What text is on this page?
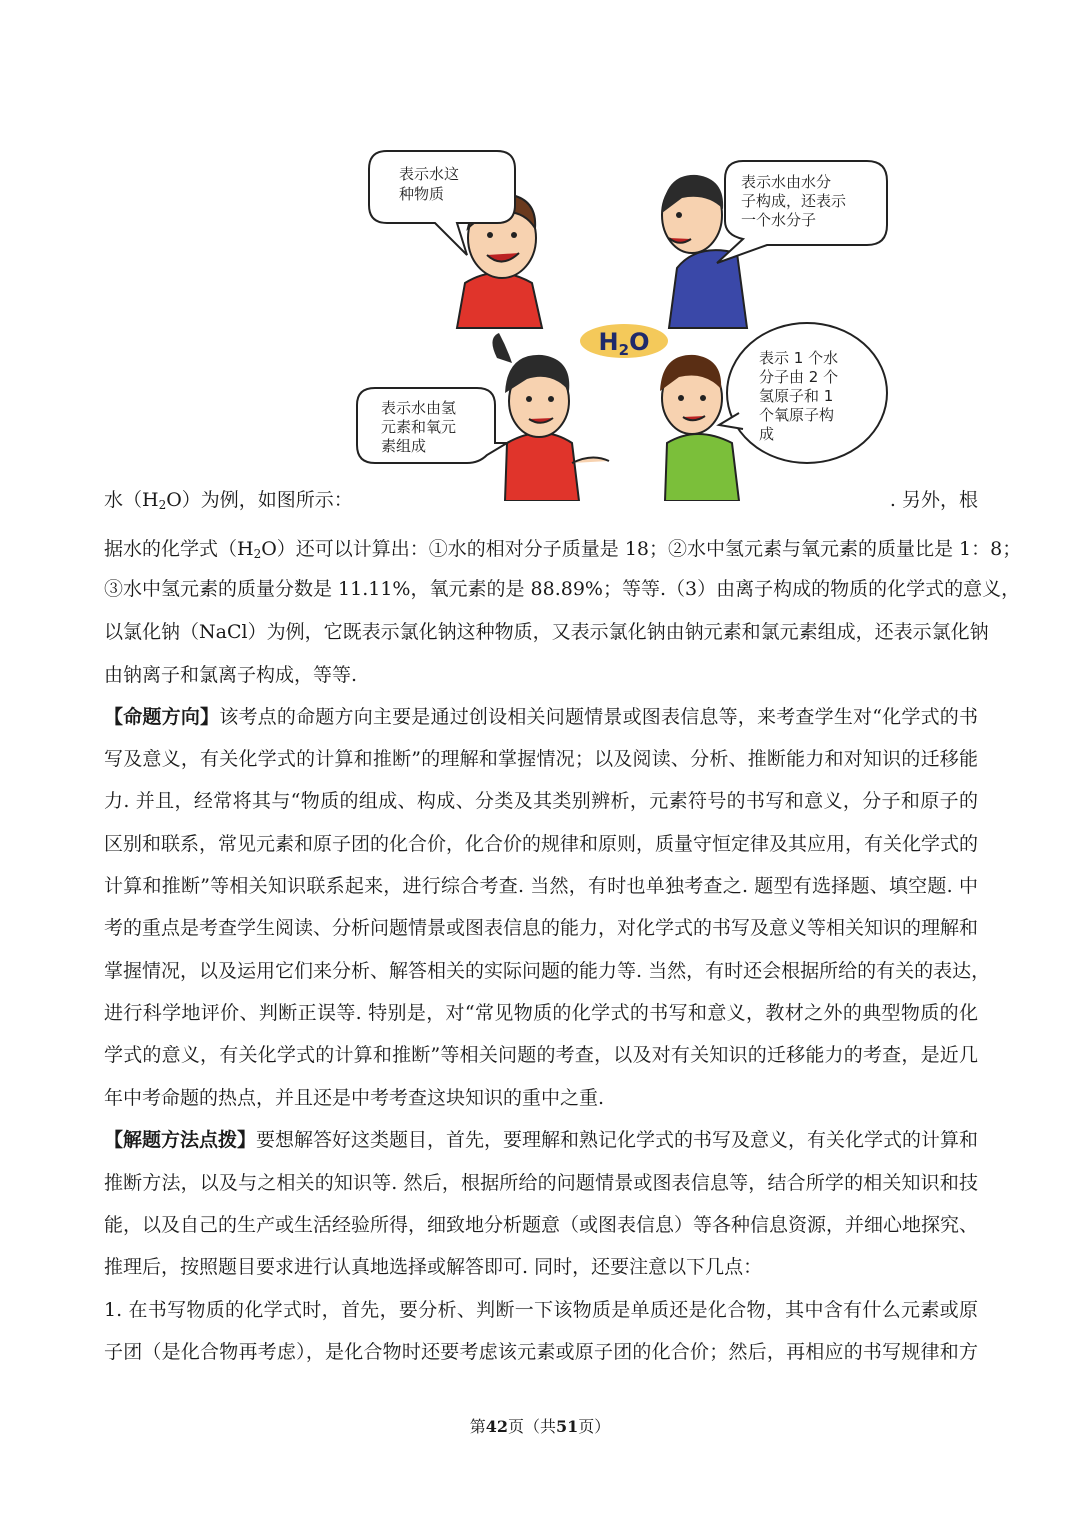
$H_2O$
表示水这
种物质
表示水由水分
子构成，还表示
一个水分子
表示水由氢
元素和氧元
素组成
表示 1 个水
分子由 2 个
氢原子和 1
个氧原子构
成
水$(H_2O)$为例，如图所示：	. 另外，根
据水的化学式$(H_2O)$还可以计算出：①水的相对分子质量是 18；②水中氢元素与氧元素的质量比是 1：8；
③水中氢元素的质量分数是 11.11%，氧元素的是 88.89%；等等.（3）由离子构成的物质的化学式的意义，
以氯化钠（NaCl）为例，它既表示氯化钠这种物质，又表示氯化钠由钠元素和氯元素组成，还表示氯化钠
由钠离子和氯离子构成，等等.
【命题方向】该考点的命题方向主要是通过创设相关问题情景或图表信息等，来考查学生对“化学式的书
写及意义，有关化学式的计算和推断”的理解和掌握情况；以及阅读、分析、推断能力和对知识的迁移能
力. 并且，经常将其与“物质的组成、构成、分类及其类别辨析，元素符号的书写和意义，分子和原子的
区别和联系，常见元素和原子团的化合价，化合价的规律和原则，质量守恒定律及其应用，有关化学式的
计算和推断”等相关知识联系起来，进行综合考查. 当然，有时也单独考查之. 题型有选择题、填空题. 中
考的重点是考查学生阅读、分析问题情景或图表信息的能力，对化学式的书写及意义等相关知识的理解和
掌握情况，以及运用它们来分析、解答相关的实际问题的能力等. 当然，有时还会根据所给的有关的表达，
进行科学地评价、判断正误等. 特别是，对“常见物质的化学式的书写和意义，教材之外的典型物质的化
学式的意义，有关化学式的计算和推断”等相关问题的考查，以及对有关知识的迁移能力的考查，是近几
年中考命题的热点，并且还是中考考查这块知识的重中之重.
【解题方法点拨】要想解答好这类题目，首先，要理解和熟记化学式的书写及意义，有关化学式的计算和
推断方法，以及与之相关的知识等. 然后，根据所给的问题情景或图表信息等，结合所学的相关知识和技
能，以及自己的生产或生活经验所得，细致地分析题意（或图表信息）等各种信息资源，并细心地探究、
推理后，按照题目要求进行认真地选择或解答即可. 同时，还要注意以下几点：
1. 在书写物质的化学式时，首先，要分析、判断一下该物质是单质还是化合物，其中含有什么元素或原
子团（是化合物再考虑），是化合物时还要考虑该元素或原子团的化合价；然后，再相应的书写规律和方
第42页（共51页）
